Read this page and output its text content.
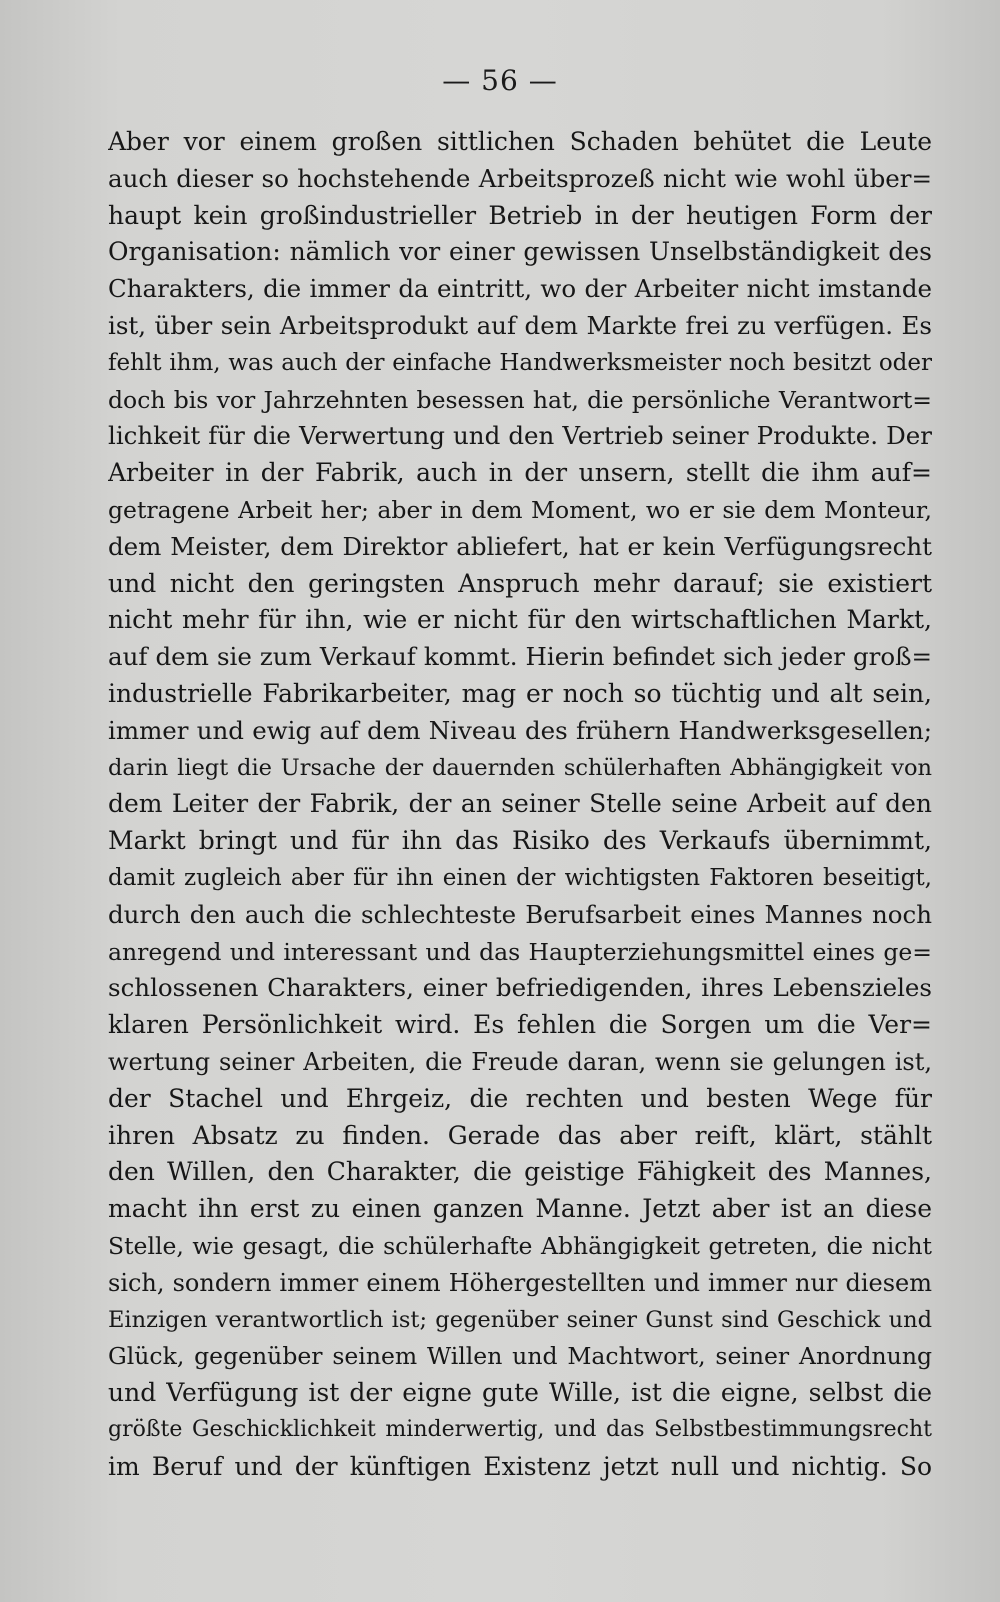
— 56 —
Aber vor einem großen sittlichen Schaden behütet die Leute
auch dieser so hochstehende Arbeitsprozeß nicht wie wohl über=
haupt kein großindustrieller Betrieb in der heutigen Form der
Organisation: nämlich vor einer gewissen Unselbständigkeit des
Charakters, die immer da eintritt, wo der Arbeiter nicht imstande
ist, über sein Arbeitsprodukt auf dem Markte frei zu verfügen. Es
fehlt ihm, was auch der einfache Handwerksmeister noch besitzt oder
doch bis vor Jahrzehnten besessen hat, die persönliche Verantwort=
lichkeit für die Verwertung und den Vertrieb seiner Produkte. Der
Arbeiter in der Fabrik, auch in der unsern, stellt die ihm auf=
getragene Arbeit her; aber in dem Moment, wo er sie dem Monteur,
dem Meister, dem Direktor abliefert, hat er kein Verfügungsrecht
und nicht den geringsten Anspruch mehr darauf; sie existiert
nicht mehr für ihn, wie er nicht für den wirtschaftlichen Markt,
auf dem sie zum Verkauf kommt. Hierin befindet sich jeder groß=
industrielle Fabrikarbeiter, mag er noch so tüchtig und alt sein,
immer und ewig auf dem Niveau des frühern Handwerksgesellen;
darin liegt die Ursache der dauernden schülerhaften Abhängigkeit von
dem Leiter der Fabrik, der an seiner Stelle seine Arbeit auf den
Markt bringt und für ihn das Risiko des Verkaufs übernimmt,
damit zugleich aber für ihn einen der wichtigsten Faktoren beseitigt,
durch den auch die schlechteste Berufsarbeit eines Mannes noch
anregend und interessant und das Haupterziehungsmittel eines ge=
schlossenen Charakters, einer befriedigenden, ihres Lebenszieles
klaren Persönlichkeit wird. Es fehlen die Sorgen um die Ver=
wertung seiner Arbeiten, die Freude daran, wenn sie gelungen ist,
der Stachel und Ehrgeiz, die rechten und besten Wege für
ihren Absatz zu finden. Gerade das aber reift, klärt, stählt
den Willen, den Charakter, die geistige Fähigkeit des Mannes,
macht ihn erst zu einen ganzen Manne. Jetzt aber ist an diese
Stelle, wie gesagt, die schülerhafte Abhängigkeit getreten, die nicht
sich, sondern immer einem Höhergestellten und immer nur diesem
Einzigen verantwortlich ist; gegenüber seiner Gunst sind Geschick und
Glück, gegenüber seinem Willen und Machtwort, seiner Anordnung
und Verfügung ist der eigne gute Wille, ist die eigne, selbst die
größte Geschicklichkeit minderwertig, und das Selbstbestimmungsrecht
im Beruf und der künftigen Existenz jetzt null und nichtig. So
